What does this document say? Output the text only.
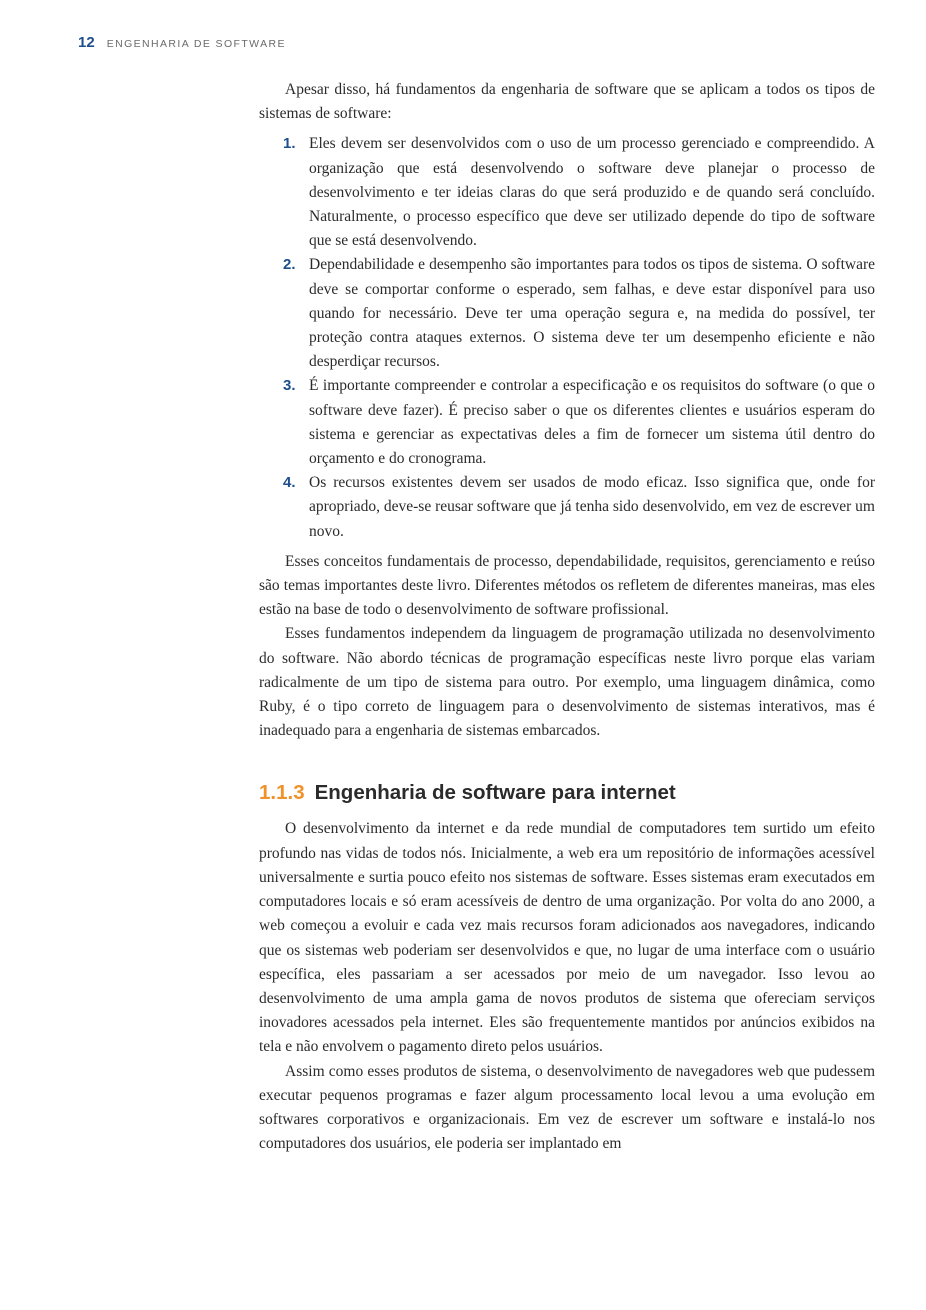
12 ENGENHARIA DE SOFTWARE

Apesar disso, há fundamentos da engenharia de software que se aplicam a todos os tipos de sistemas de software:

1. Eles devem ser desenvolvidos com o uso de um processo gerenciado e compreendido. A organização que está desenvolvendo o software deve planejar o processo de desenvolvimento e ter ideias claras do que será produzido e de quando será concluído. Naturalmente, o processo específico que deve ser utilizado depende do tipo de software que se está desenvolvendo.
2. Dependabilidade e desempenho são importantes para todos os tipos de sistema. O software deve se comportar conforme o esperado, sem falhas, e deve estar disponível para uso quando for necessário. Deve ter uma operação segura e, na medida do possível, ter proteção contra ataques externos. O sistema deve ter um desempenho eficiente e não desperdiçar recursos.
3. É importante compreender e controlar a especificação e os requisitos do software (o que o software deve fazer). É preciso saber o que os diferentes clientes e usuários esperam do sistema e gerenciar as expectativas deles a fim de fornecer um sistema útil dentro do orçamento e do cronograma.
4. Os recursos existentes devem ser usados de modo eficaz. Isso significa que, onde for apropriado, deve-se reusar software que já tenha sido desenvolvido, em vez de escrever um novo.

Esses conceitos fundamentais de processo, dependabilidade, requisitos, gerenciamento e reúso são temas importantes deste livro. Diferentes métodos os refletem de diferentes maneiras, mas eles estão na base de todo o desenvolvimento de software profissional.

Esses fundamentos independem da linguagem de programação utilizada no desenvolvimento do software. Não abordo técnicas de programação específicas neste livro porque elas variam radicalmente de um tipo de sistema para outro. Por exemplo, uma linguagem dinâmica, como Ruby, é o tipo correto de linguagem para o desenvolvimento de sistemas interativos, mas é inadequado para a engenharia de sistemas embarcados.

1.1.3 Engenharia de software para internet

O desenvolvimento da internet e da rede mundial de computadores tem surtido um efeito profundo nas vidas de todos nós. Inicialmente, a web era um repositório de informações acessível universalmente e surtia pouco efeito nos sistemas de software. Esses sistemas eram executados em computadores locais e só eram acessíveis de dentro de uma organização. Por volta do ano 2000, a web começou a evoluir e cada vez mais recursos foram adicionados aos navegadores, indicando que os sistemas web poderiam ser desenvolvidos e que, no lugar de uma interface com o usuário específica, eles passariam a ser acessados por meio de um navegador. Isso levou ao desenvolvimento de uma ampla gama de novos produtos de sistema que ofereciam serviços inovadores acessados pela internet. Eles são frequentemente mantidos por anúncios exibidos na tela e não envolvem o pagamento direto pelos usuários.

Assim como esses produtos de sistema, o desenvolvimento de navegadores web que pudessem executar pequenos programas e fazer algum processamento local levou a uma evolução em softwares corporativos e organizacionais. Em vez de escrever um software e instalá-lo nos computadores dos usuários, ele poderia ser implantado em
